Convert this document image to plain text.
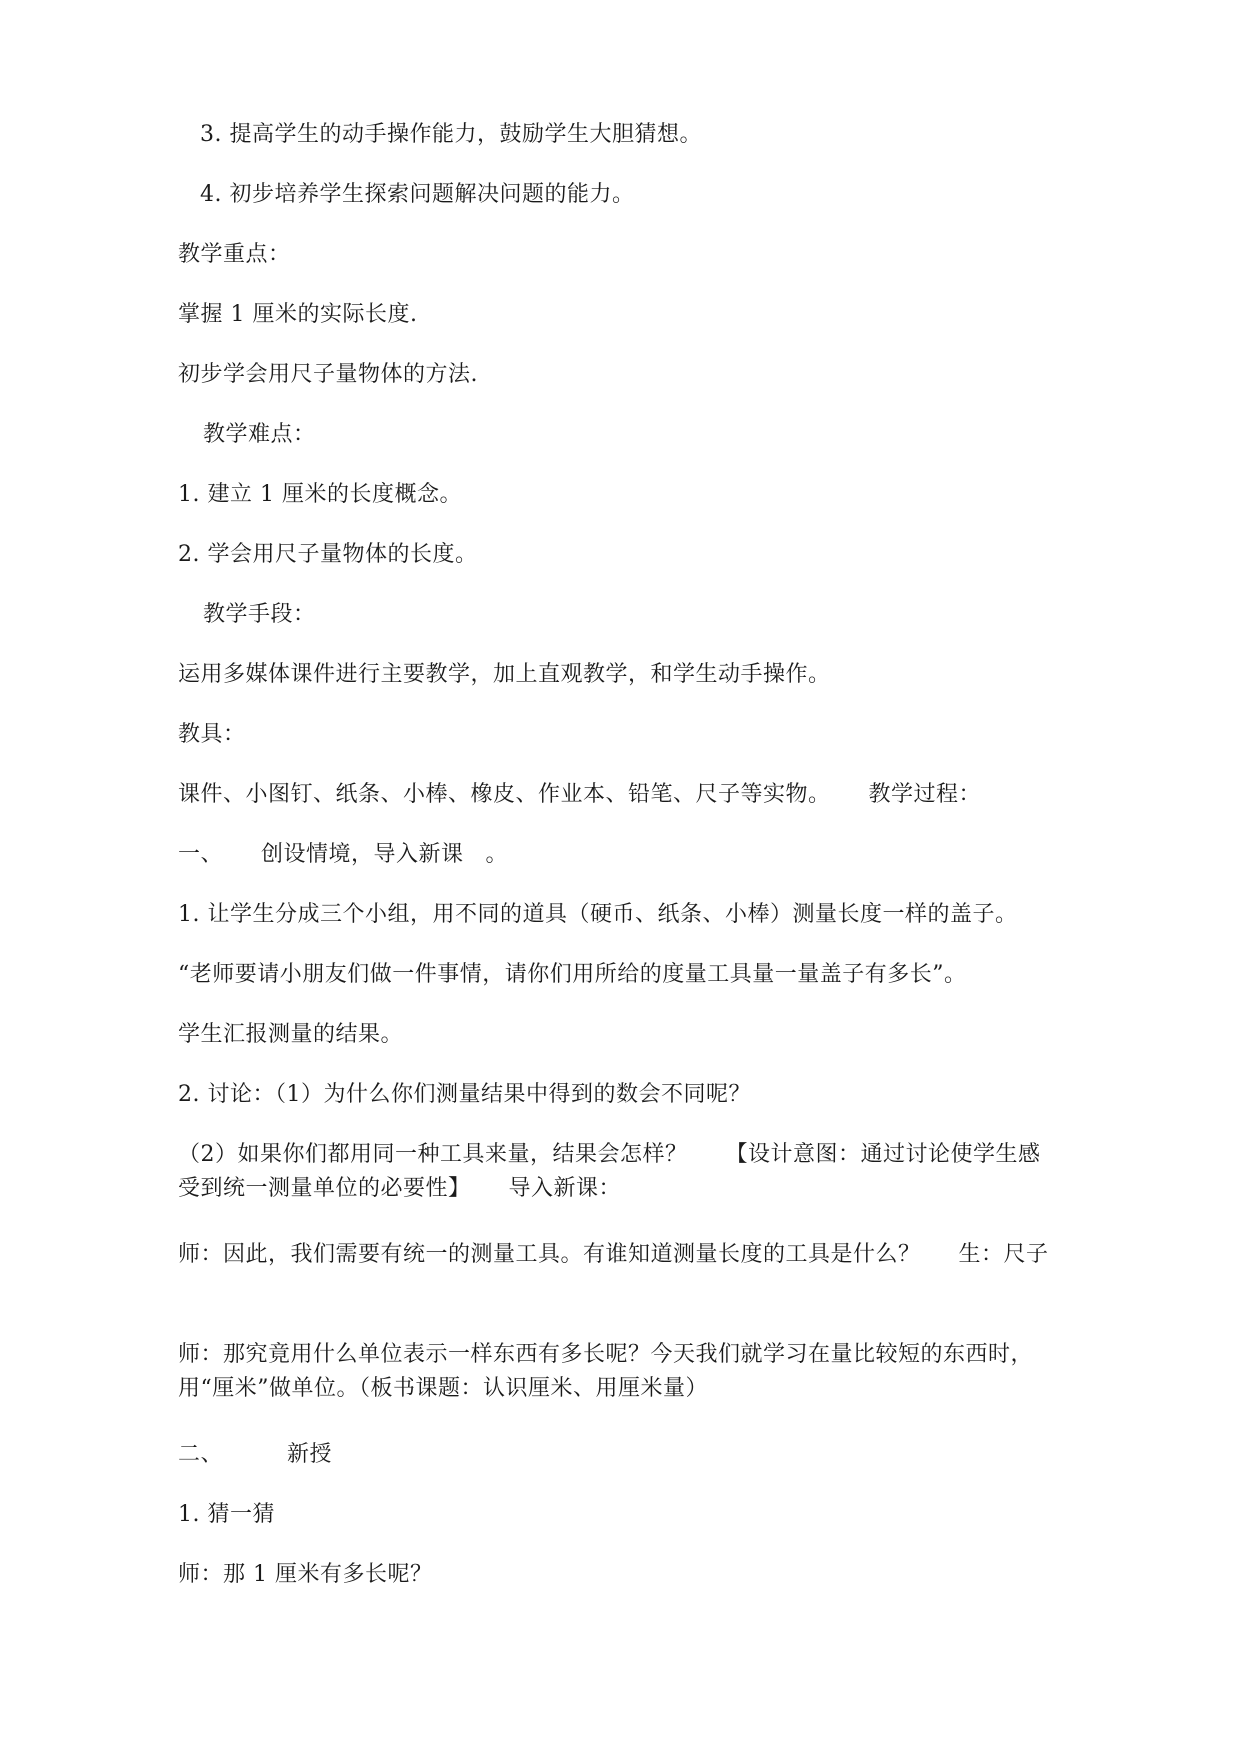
3. 提高学生的动手操作能力，鼓励学生大胆猜想。
4. 初步培养学生探索问题解决问题的能力。
教学重点：
掌握 1 厘米的实际长度.
初步学会用尺子量物体的方法.
教学难点：
1. 建立 1 厘米的长度概念。
2. 学会用尺子量物体的长度。
教学手段：
运用多媒体课件进行主要教学，加上直观教学，和学生动手操作。
教具：
课件、小图钉、纸条、小棒、橡皮、作业本、铅笔、尺子等实物。 教学过程：
一、 创设情境，导入新课 。
1. 让学生分成三个小组，用不同的道具（硬币、纸条、小棒）测量长度一样的盖子。
“老师要请小朋友们做一件事情，请你们用所给的度量工具量一量盖子有多长”。
学生汇报测量的结果。
2. 讨论：（1）为什么你们测量结果中得到的数会不同呢？
（2）如果你们都用同一种工具来量，结果会怎样？ 【设计意图：通过讨论使学生感
受到统一测量单位的必要性】 导入新课：
师：因此，我们需要有统一的测量工具。有谁知道测量长度的工具是什么？ 生：尺子
师：那究竟用什么单位表示一样东西有多长呢？今天我们就学习在量比较短的东西时，
用“厘米”做单位。（板书课题：认识厘米、用厘米量）
二、	新授
1. 猜一猜
师：那 1 厘米有多长呢？
